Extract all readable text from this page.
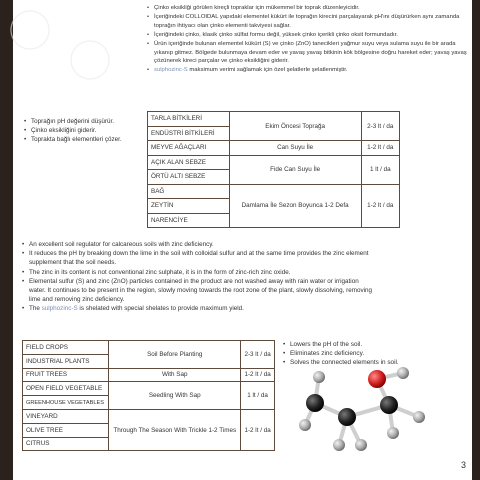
• Çinko eksikliği görülen kireçli topraklar için mükemmel bir toprak düzenleyicidir.
• İçeriğindeki COLLOIDAL yapıdaki elementel kükürt ile toprağın kirecini parçalayarak pH'ını düşürürken aynı zamanda toprağın ihtiyacı olan çinko elementi takviyesi sağlar.
• İçeriğindeki çinko, klasik çinko sülfat formu değil, yüksek çinko içerikli çinko oksit formundadır.
• Ürün içeriğinde bulunan elementel kükürt (S) ve çinko (ZnO) tanecikleri yağmur suyu veya sulama suyu ile bir arada yıkanıp gitmez. Bölgede bulunmaya devam eder ve yavaş yavaş bitkinin kök bölgesine doğru hareket eder; yavaş yavaş çözünerek kireci parçalar ve çinko eksikliğini giderir.
• sulphozinc-S maksimum verimi sağlamak için özel şelatlerle şelatlenmiştir.
• Toprağın pH değerini düşürür.
• Çinko eksikliğini giderir.
• Toprakta bağlı elementleri çözer.
TARLA BİTKİLERİ	Ekim Öncesi Toprağa	2-3 lt / da
ENDÜSTRİ BİTKİLERİ		
MEYVE AĞAÇLARI	Can Suyu İle	1-2 lt / da
AÇIK ALAN SEBZE	Fide Can Suyu İle	1 lt / da
ÖRTÜ ALTI SEBZE		
BAĞ	Damlama İle Sezon Boyunca 1-2 Defa	1-2 lt / da
ZEYTİN		
NARENCİYE		
• An excellent soil regulator for calcareous soils with zinc deficiency.
• It reduces the pH by breaking down the lime in the soil with colloidal sulfur and at the same time provides the zinc element supplement that the soil needs.
• The zinc in its content is not conventional zinc sulphate, it is in the form of zinc-rich zinc oxide.
• Elemental sulfur (S) and zinc (ZnO) particles contained in the product are not washed away with rain water or irrigation water. It continues to be present in the region, slowly moving towards the root zone of the plant, slowly dissolving, removing lime and removing zinc deficiency.
• The sulphozinc-S is shelated with special shelates to provide maximum yield.
FIELD CROPS	Soil Before Planting	2-3 lt / da
INDUSTRIAL PLANTS		
FRUIT TREES	With Sap	1-2 lt / da
OPEN FIELD VEGETABLE	Seedling With Sap	1 lt / da
GREENHOUSE VEGETABLES		
VINEYARD	Through The Season With Trickle 1-2 Times	1-2 lt / da
OLIVE TREE		
CITRUS		
• Lowers the pH of the soil.
• Eliminates zinc deficiency.
• Solves the connected elements in soil.
3
